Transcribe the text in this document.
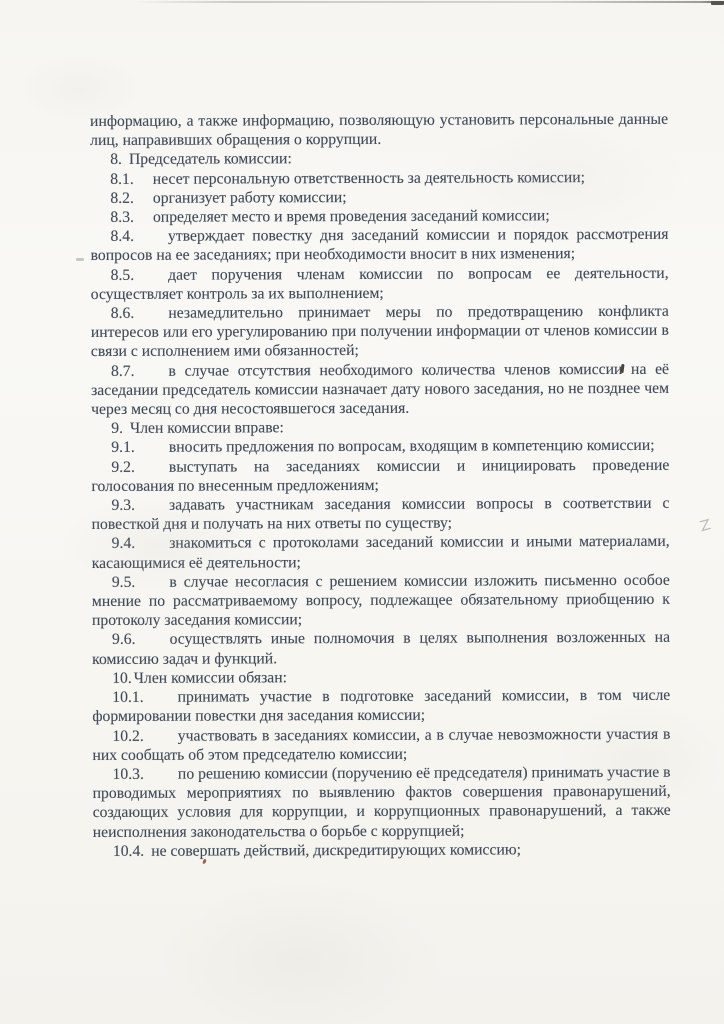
информацию, а также информацию, позволяющую установить персональные данные лиц, направивших обращения о коррупции.

8. Председатель комиссии:

8.1. несет персональную ответственность за деятельность комиссии;

8.2. организует работу комиссии;

8.3. определяет место и время проведения заседаний комиссии;

8.4. утверждает повестку дня заседаний комиссии и порядок рассмотрения вопросов на ее заседаниях; при необходимости вносит в них изменения;

8.5. дает поручения членам комиссии по вопросам ее деятельности, осуществляет контроль за их выполнением;

8.6. незамедлительно принимает меры по предотвращению конфликта интересов или его урегулированию при получении информации от членов комиссии в связи с исполнением ими обязанностей;

8.7. в случае отсутствия необходимого количества членов комиссии на её заседании председатель комиссии назначает дату нового заседания, но не позднее чем через месяц со дня несостоявшегося заседания.

9. Член комиссии вправе:

9.1. вносить предложения по вопросам, входящим в компетенцию комиссии;

9.2. выступать на заседаниях комиссии и инициировать проведение голосования по внесенным предложениям;

9.3. задавать участникам заседания комиссии вопросы в соответствии с повесткой дня и получать на них ответы по существу;

9.4. знакомиться с протоколами заседаний комиссии и иными материалами, касающимися её деятельности;

9.5. в случае несогласия с решением комиссии изложить письменно особое мнение по рассматриваемому вопросу, подлежащее обязательному приобщению к протоколу заседания комиссии;

9.6. осуществлять иные полномочия в целях выполнения возложенных на комиссию задач и функций.

10. Член комиссии обязан:

10.1. принимать участие в подготовке заседаний комиссии, в том числе формировании повестки дня заседания комиссии;

10.2. участвовать в заседаниях комиссии, а в случае невозможности участия в них сообщать об этом председателю комиссии;

10.3. по решению комиссии (поручению её председателя) принимать участие в проводимых мероприятиях по выявлению фактов совершения правонарушений, создающих условия для коррупции, и коррупционных правонарушений, а также неисполнения законодательства о борьбе с коррупцией;

10.4. не совершать действий, дискредитирующих комиссию;
